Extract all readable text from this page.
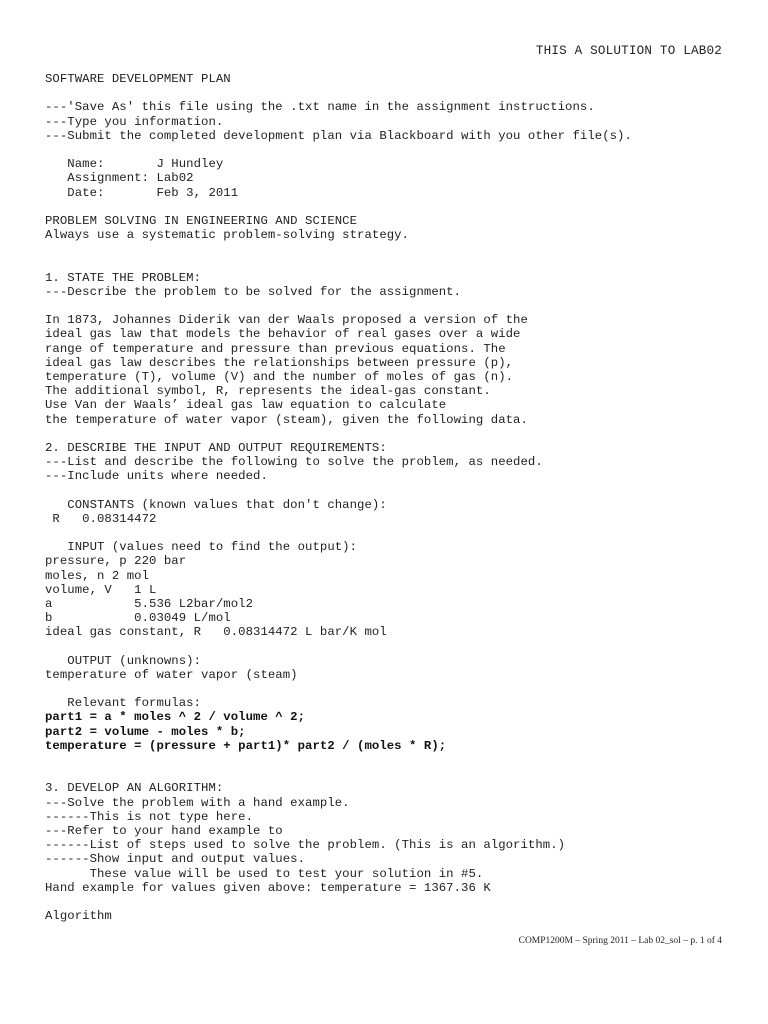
THIS A SOLUTION TO LAB02
SOFTWARE DEVELOPMENT PLAN
---'Save As' this file using the .txt name in the assignment instructions.
---Type you information.
---Submit the completed development plan via Blackboard with you other file(s).
Name:       J Hundley
Assignment: Lab02
Date:       Feb 3, 2011
PROBLEM SOLVING IN ENGINEERING AND SCIENCE
Always use a systematic problem-solving strategy.
1. STATE THE PROBLEM:
---Describe the problem to be solved for the assignment.
In 1873, Johannes Diderik van der Waals proposed a version of the
ideal gas law that models the behavior of real gases over a wide
range of temperature and pressure than previous equations. The
ideal gas law describes the relationships between pressure (p),
temperature (T), volume (V) and the number of moles of gas (n).
The additional symbol, R, represents the ideal-gas constant.
Use Van der Waals’ ideal gas law equation to calculate
the temperature of water vapor (steam), given the following data.
2. DESCRIBE THE INPUT AND OUTPUT REQUIREMENTS:
---List and describe the following to solve the problem, as needed.
---Include units where needed.
CONSTANTS (known values that don't change):
R   0.08314472
INPUT (values need to find the output):
pressure, p 220 bar
moles, n 2 mol
volume, V   1 L
a           5.536 L2bar/mol2
b           0.03049 L/mol
ideal gas constant, R   0.08314472 L bar/K mol
OUTPUT (unknowns):
temperature of water vapor (steam)
Relevant formulas:
part1 = a * moles ^ 2 / volume ^ 2;
part2 = volume - moles * b;
temperature = (pressure + part1)* part2 / (moles * R);
3. DEVELOP AN ALGORITHM:
---Solve the problem with a hand example.
------This is not type here.
---Refer to your hand example to
------List of steps used to solve the problem. (This is an algorithm.)
------Show input and output values.
These value will be used to test your solution in #5.
Hand example for values given above: temperature = 1367.36 K
Algorithm
COMP1200M – Spring 2011 – Lab 02_sol – p. 1 of 4
